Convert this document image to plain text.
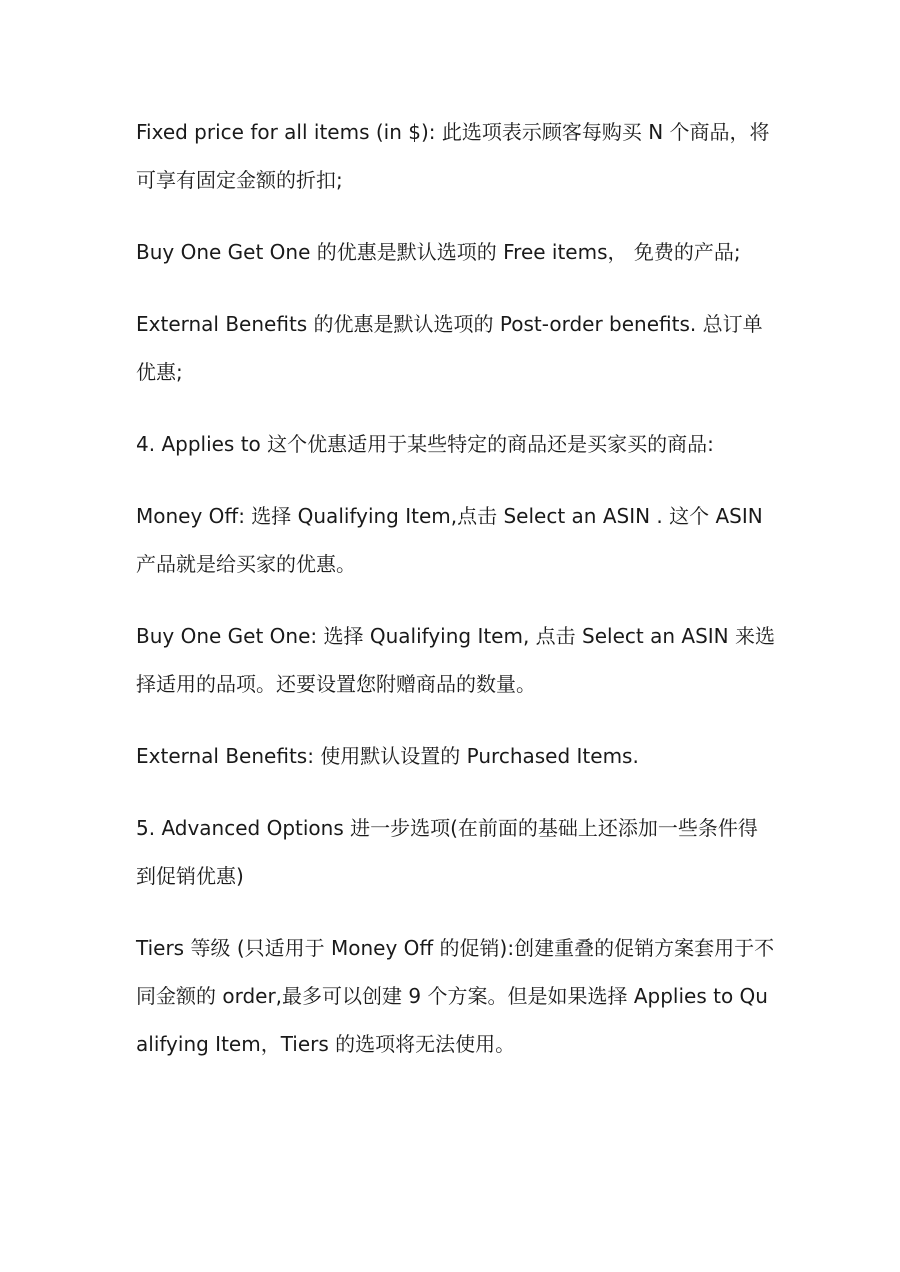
Fixed price for all items (in $): 此选项表示顾客每购买 N 个商品，将可享有固定金额的折扣;

Buy One Get One 的优惠是默认选项的 Free items， 免费的产品;

External Benefits 的优惠是默认选项的 Post-order benefits. 总订单优惠;

4. Applies to 这个优惠适用于某些特定的商品还是买家买的商品:

Money Off: 选择 Qualifying Item,点击 Select an ASIN . 这个 ASIN 产品就是给买家的优惠。

Buy One Get One: 选择 Qualifying Item, 点击 Select an ASIN 来选择适用的品项。还要设置您附赠商品的数量。

External Benefits: 使用默认设置的 Purchased Items.

5. Advanced Options 进一步选项(在前面的基础上还添加一些条件得到促销优惠)

Tiers 等级 (只适用于 Money Off 的促销):创建重叠的促销方案套用于不同金额的 order,最多可以创建 9 个方案。但是如果选择 Applies to Qualifying Item，Tiers 的选项将无法使用。
